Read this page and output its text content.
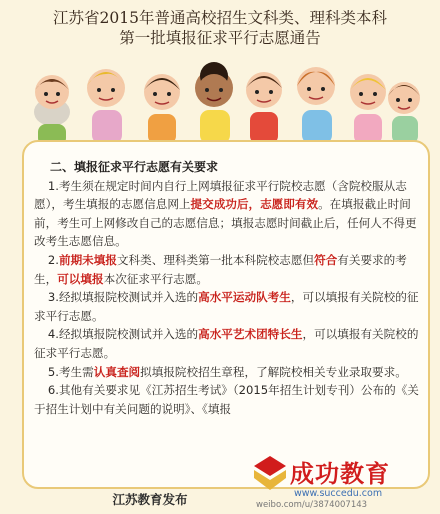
江苏省2015年普通高校招生文科类、理科类本科
第一批填报征求平行志愿通告
二、填报征求平行志愿有关要求

1.考生须在规定时间内自行上网填报征求平行院校志愿（含院校服从志愿），考生填报的志愿信息网上提交成功后，志愿即有效。在填报截止时间前，考生可上网修改自己的志愿信息；填报志愿时间截止后，任何人不得更改考生志愿信息。

2.前期未填报文科类、理科类第一批本科院校志愿但符合有关要求的考生，可以填报本次征求平行志愿。

3.经拟填报院校测试并入选的高水平运动队考生，可以填报有关院校的征求平行志愿。

4.经拟填报院校测试并入选的高水平艺术团特长生，可以填报有关院校的征求平行志愿。

5.考生需认真查阅拟填报院校招生章程，了解院校相关专业录取要求。

6.其他有关要求见《江苏招生考试》（2015年招生计划专刊）公布的《关于招生计划中有关问题的说明》、《填报

江苏教育发布
成功教育
www.succedu.com
weibo.com/u/3874007143
